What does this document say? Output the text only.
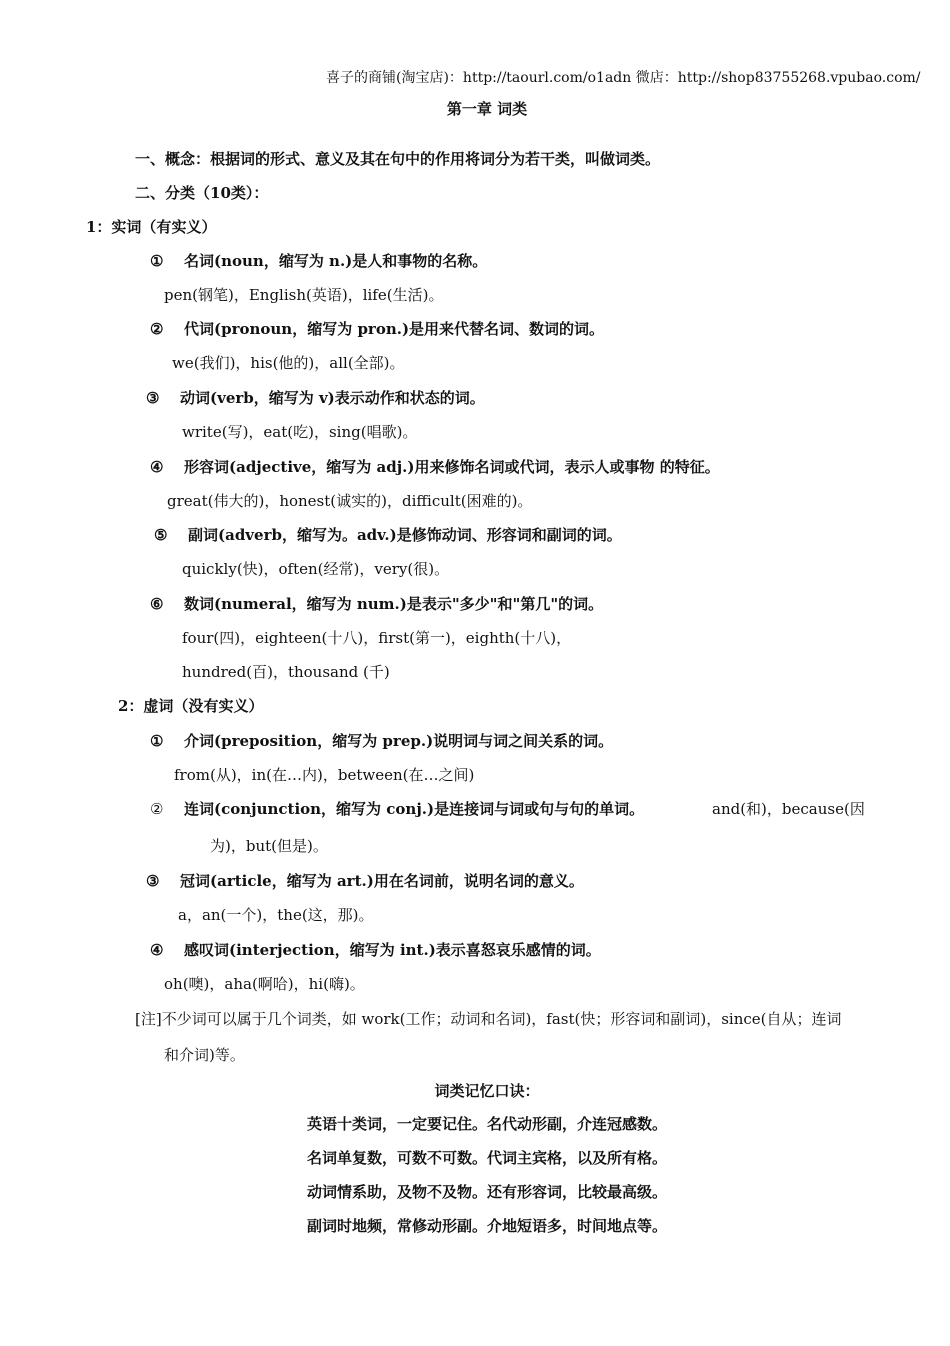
喜子的商铺(淘宝店)：http://taourl.com/o1adn 微店：http://shop83755268.vpubao.com/
第一章 词类
一、概念：根据词的形式、意义及其在句中的作用将词分为若干类，叫做词类。
二、分类（10类）：
1：实词（有实义）
① 名词(noun，缩写为 n.)是人和事物的名称。
pen(钢笔)，English(英语)，life(生活)。
② 代词(pronoun，缩写为 pron.)是用来代替名词、数词的词。
we(我们)，his(他的)，all(全部)。
③ 动词(verb，缩写为 v)表示动作和状态的词。
write(写)，eat(吃)，sing(唱歌)。
④ 形容词(adjective，缩写为 adj.)用来修饰名词或代词，表示人或事物 的特征。
great(伟大的)，honest(诚实的)，difficult(困难的)。
⑤ 副词(adverb，缩写为。adv.)是修饰动词、形容词和副词的词。
quickly(快)，often(经常)，very(很)。
⑥ 数词(numeral，缩写为 num.)是表示"多少"和"第几"的词。
four(四)，eighteen(十八)，first(第一)，eighth(十八)，
hundred(百)，thousand (千)
2：虚词（没有实义）
① 介词(preposition，缩写为 prep.)说明词与词之间关系的词。
from(从)，in(在…内)，between(在…之间)
② 连词(conjunction，缩写为 conj.)是连接词与词或句与句的单词。	and(和)，because(因
为)，but(但是)。
③ 冠词(article，缩写为 art.)用在名词前，说明名词的意义。
a，an(一个)，the(这，那)。
④ 感叹词(interjection，缩写为 int.)表示喜怒哀乐感情的词。
oh(噢)，aha(啊哈)，hi(嗨)。
[注]不少词可以属于几个词类，如 work(工作；动词和名词)，fast(快；形容词和副词)，since(自从；连词
和介词)等。
词类记忆口诀：
英语十类词，一定要记住。名代动形副，介连冠感数。
名词单复数，可数不可数。代词主宾格，以及所有格。
动词情系助，及物不及物。还有形容词，比较最高级。
副词时地频，常修动形副。介地短语多，时间地点等。
